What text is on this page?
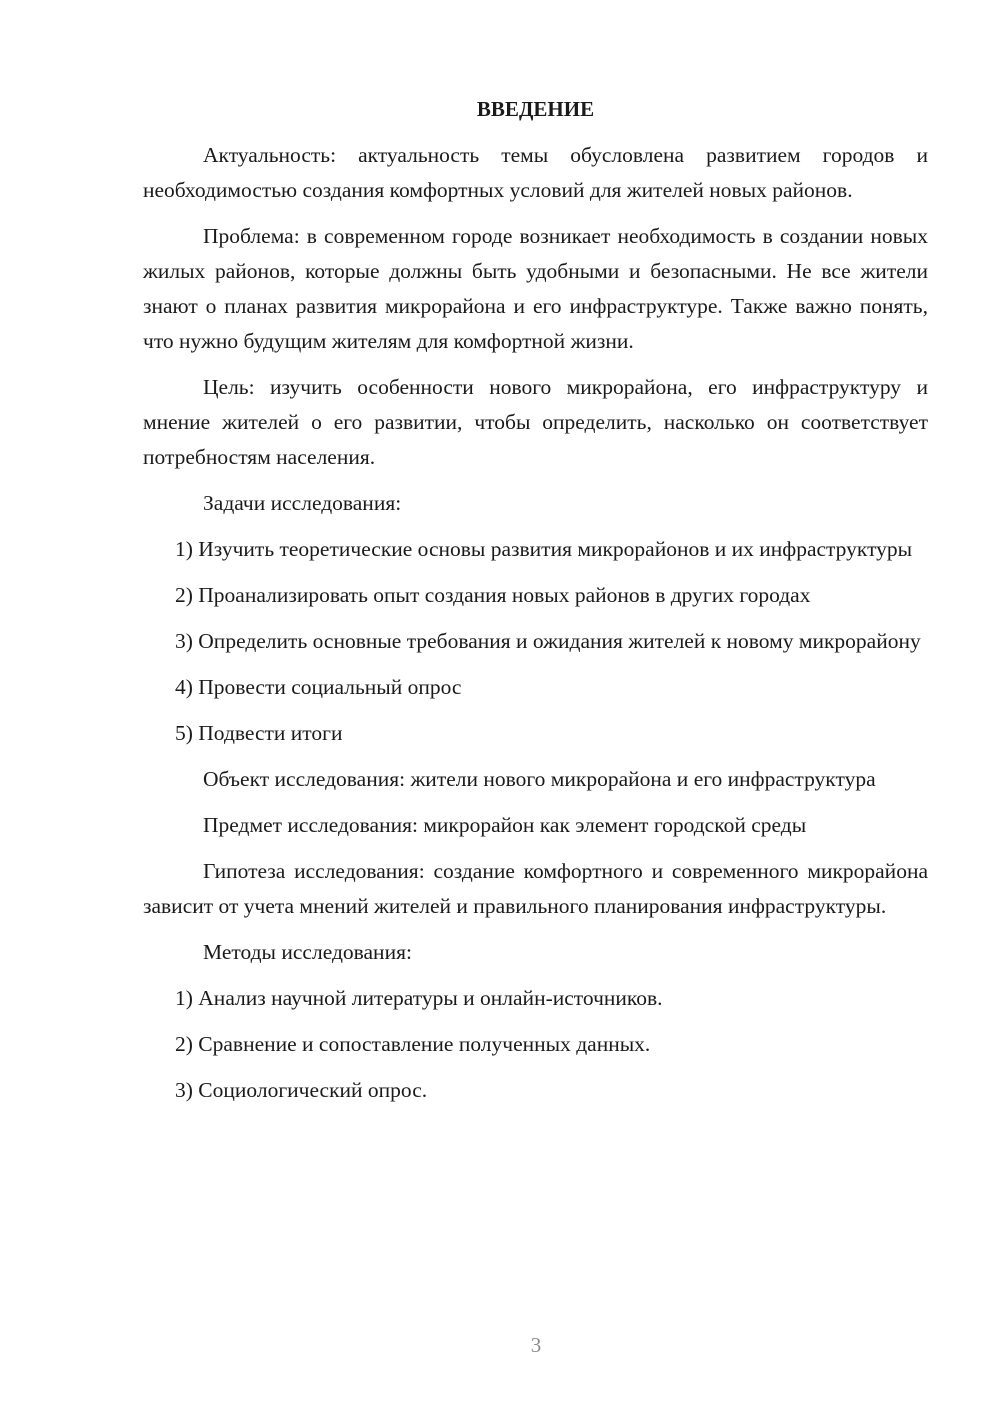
ВВЕДЕНИЕ

Актуальность: актуальность темы обусловлена развитием городов и необходимостью создания комфортных условий для жителей новых районов.

Проблема: в современном городе возникает необходимость в создании новых жилых районов, которые должны быть удобными и безопасными. Не все жители знают о планах развития микрорайона и его инфраструктуре. Также важно понять, что нужно будущим жителям для комфортной жизни.

Цель: изучить особенности нового микрорайона, его инфраструктуру и мнение жителей о его развитии, чтобы определить, насколько он соответствует потребностям населения.

Задачи исследования:

1) Изучить теоретические основы развития микрорайонов и их инфраструктуры

2) Проанализировать опыт создания новых районов в других городах

3) Определить основные требования и ожидания жителей к новому микрорайону

4) Провести социальный опрос

5) Подвести итоги

Объект исследования: жители нового микрорайона и его инфраструктура

Предмет исследования: микрорайон как элемент городской среды

Гипотеза исследования: создание комфортного и современного микрорайона зависит от учета мнений жителей и правильного планирования инфраструктуры.

Методы исследования:

1) Анализ научной литературы и онлайн-источников.

2) Сравнение и сопоставление полученных данных.

3) Социологический опрос.

3
